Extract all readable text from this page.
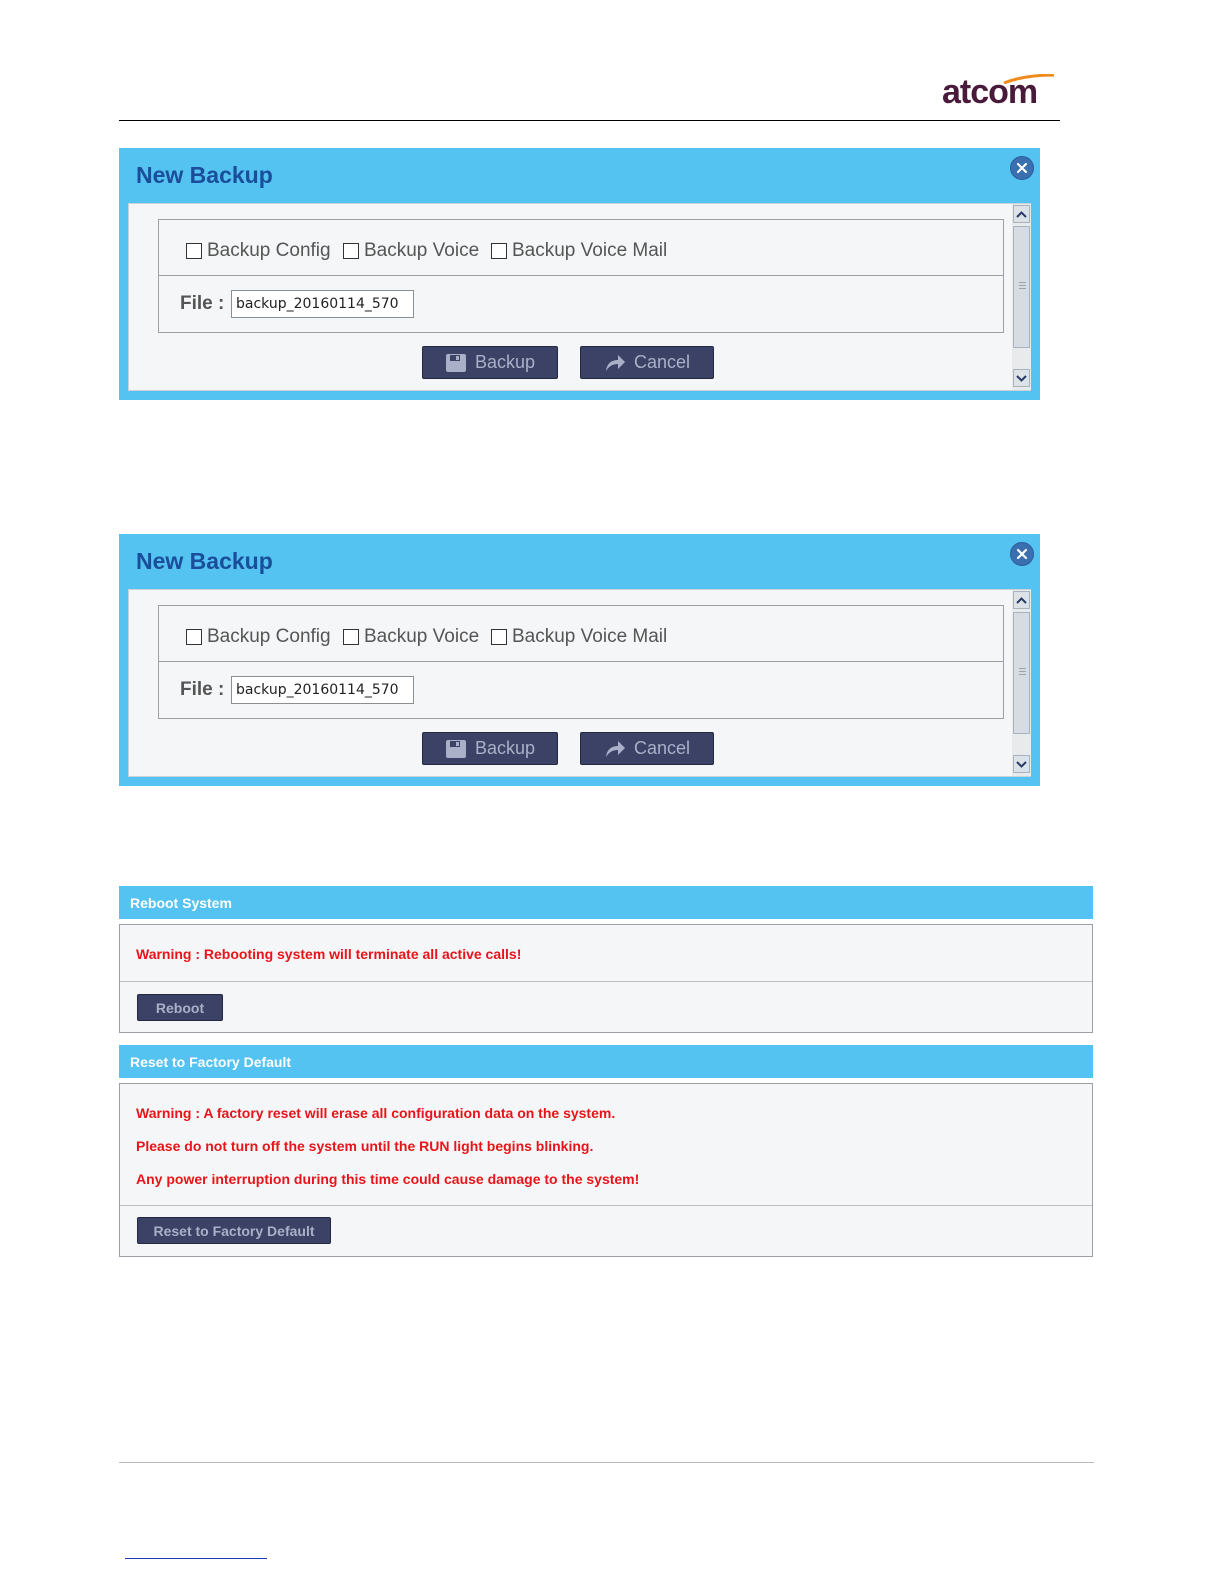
atcom
New Backup
Backup Config Backup Voice Backup Voice Mail
File :
backup_20160114_570
Backup	Cancel
New Backup
Backup Config Backup Voice Backup Voice Mail
File :
backup_20160114_570
Backup	Cancel
Reboot System
Warning : Rebooting system will terminate all active calls!
Reboot
Reset to Factory Default
Warning : A factory reset will erase all configuration data on the system.
Please do not turn off the system until the RUN light begins blinking.
Any power interruption during this time could cause damage to the system!
Reset to Factory Default
